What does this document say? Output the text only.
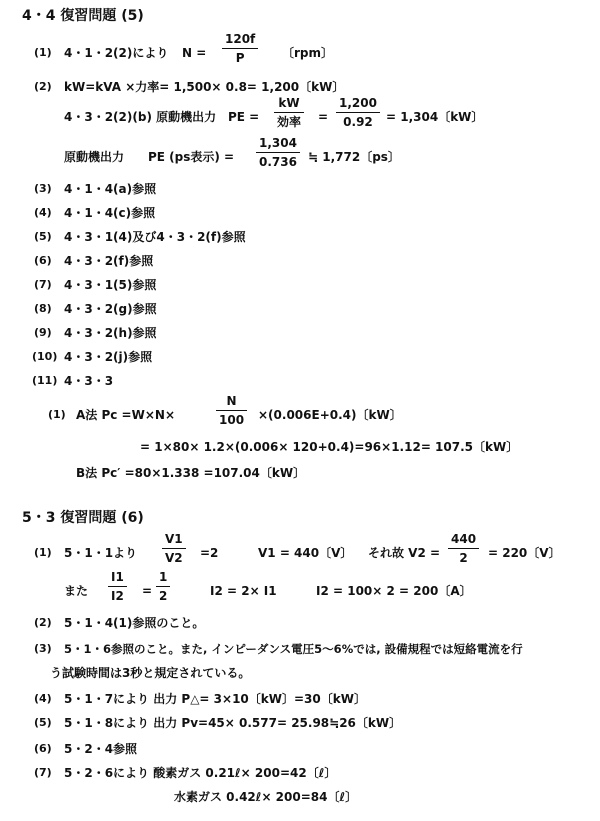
4・4 復習問題 (5)
(1) 4・1・2(2)により N =
120f
P	〔rpm〕
(2) kW=kVA ×力率= 1,500× 0.8= 1,200〔kW〕
4・3・2(2)(b) 原動機出力 PE =
kW
効率 =
1,200
0.92 = 1,304〔kW〕
原動機出力 PE (ps表示) =
1,304
0.736 ≒ 1,772〔ps〕
(3) 4・1・4(a)参照
(4) 4・1・4(c)参照
(5) 4・3・1(4)及び4・3・2(f)参照
(6) 4・3・2(f)参照
(7) 4・3・1(5)参照
(8) 4・3・2(g)参照
(9) 4・3・2(h)参照
(10) 4・3・2(j)参照
(11) 4・3・3
(1) A法 Pc =W×N×
N
100 ×(0.006E+0.4)〔kW〕
= 1×80× 1.2×(0.006× 120+0.4)=96×1.12= 107.5〔kW〕
B法 Pc′ =80×1.338 =107.04〔kW〕
5・3 復習問題 (6)
(1) 5・1・1より
V1
V2 =2	V1 = 440〔V〕 それ故 V2 =
440
2 = 220〔V〕
また
I1
I2 =
1
2	I2 = 2× I1	I2 = 100× 2 = 200〔A〕
(2) 5・1・4(1)参照のこと。
(3) 5・1・6参照のこと。また, インピーダンス電圧5～6%では, 設備規程では短絡電流を行
う試験時間は3秒と規定されている。
(4) 5・1・7により 出力 P△= 3×10〔kW〕=30〔kW〕
(5) 5・1・8により 出力 Pv=45× 0.577= 25.98≒26〔kW〕
(6) 5・2・4参照
(7) 5・2・6により 酸素ガス 0.21ℓ× 200=42〔ℓ〕
水素ガス 0.42ℓ× 200=84〔ℓ〕
